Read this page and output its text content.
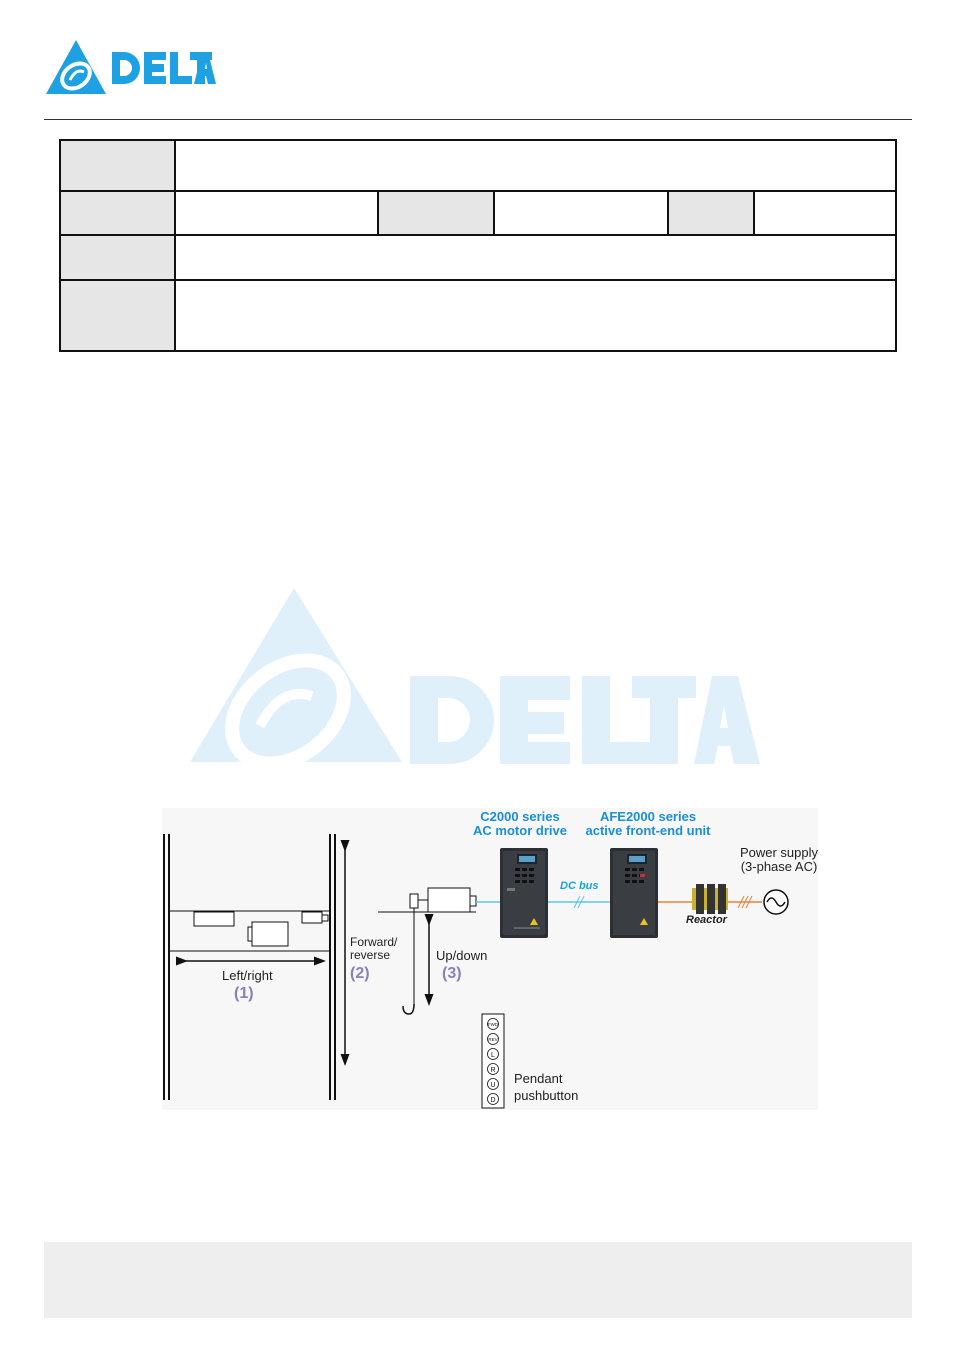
FWD
REV
L
R
U
D
C2000 series
AC motor drive
AFE2000 series
active front-end unit
Power supply
(3-phase AC)
DC bus
Reactor
Left/right
(1)
Forward/
reverse
(2)
Up/down
(3)
Pendant
pushbutton
